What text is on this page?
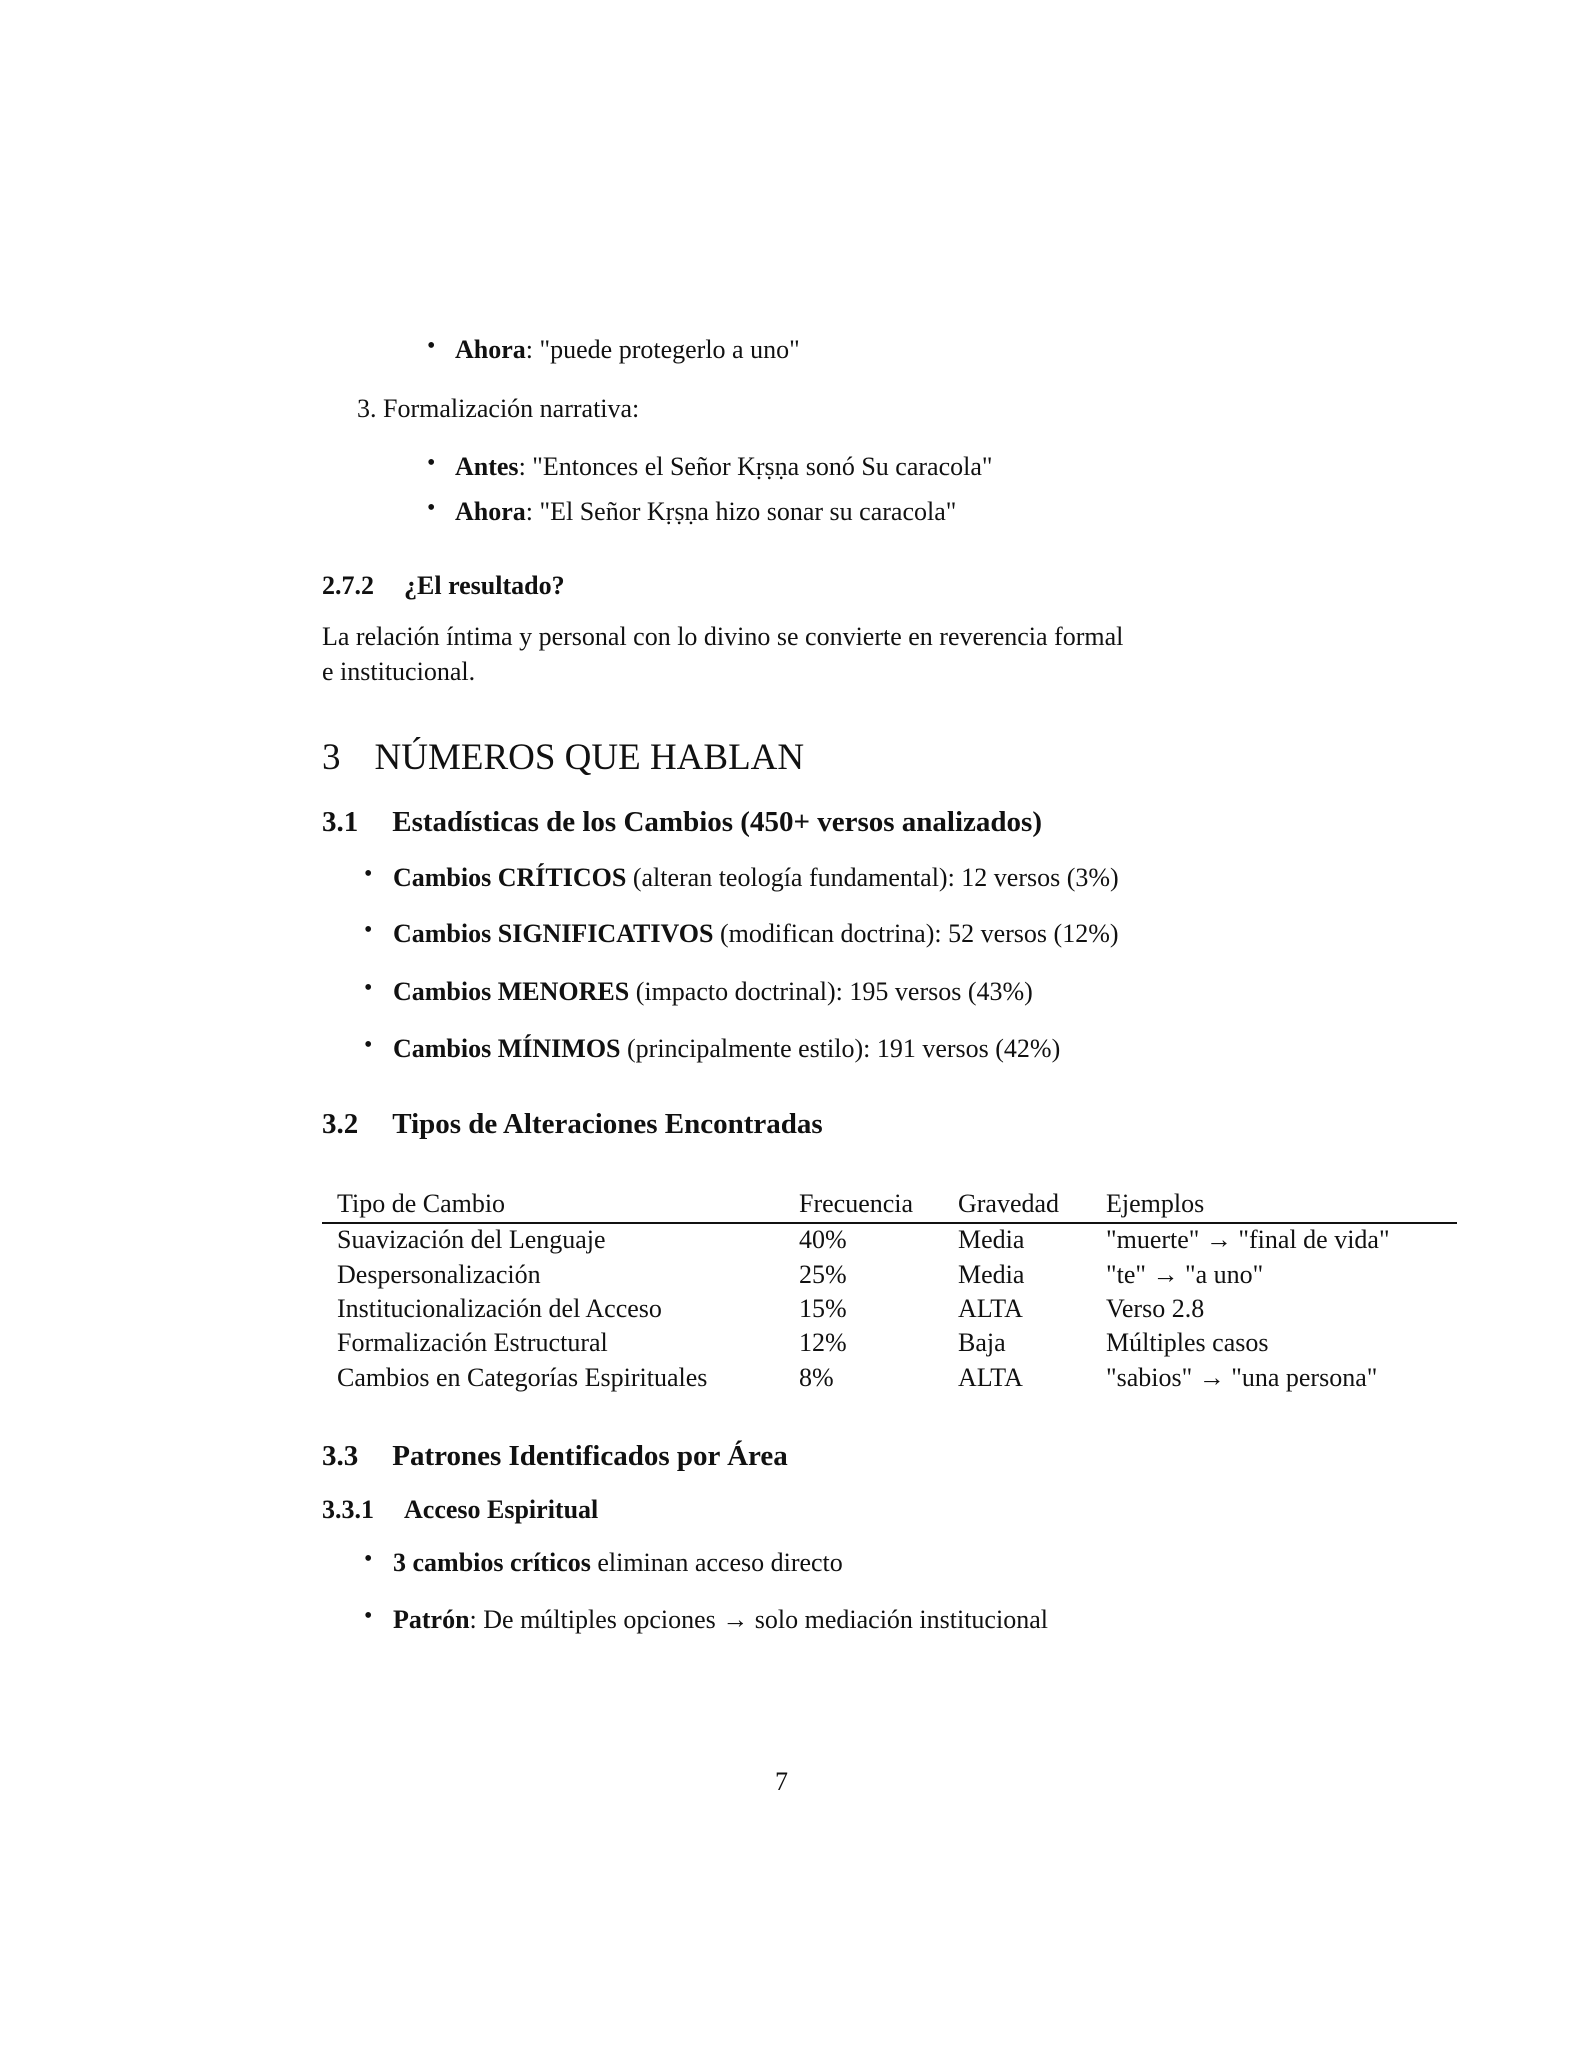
• Ahora: "puede protegerlo a uno"
3. Formalización narrativa:
• Antes: "Entonces el Señor Kṛṣṇa sonó Su caracola"
• Ahora: "El Señor Kṛṣṇa hizo sonar su caracola"
2.7.2 ¿El resultado?
La relación íntima y personal con lo divino se convierte en reverencia formal
e institucional.
3 NÚMEROS QUE HABLAN
3.1 Estadísticas de los Cambios (450+ versos analizados)
• Cambios CRÍTICOS (alteran teología fundamental): 12 versos (3%)
• Cambios SIGNIFICATIVOS (modifican doctrina): 52 versos (12%)
• Cambios MENORES (impacto doctrinal): 195 versos (43%)
• Cambios MÍNIMOS (principalmente estilo): 191 versos (42%)
3.2 Tipos de Alteraciones Encontradas
Tipo de Cambio	Frecuencia Gravedad Ejemplos
Suavización del Lenguaje	40%	Media	"muerte" → "final de vida"
Despersonalización	25%	Media	"te" → "a uno"
Institucionalización del Acceso	15%	ALTA	Verso 2.8
Formalización Estructural	12%	Baja	Múltiples casos
Cambios en Categorías Espirituales	8%	ALTA	"sabios" → "una persona"
3.3 Patrones Identificados por Área
3.3.1 Acceso Espiritual
• 3 cambios críticos eliminan acceso directo
• Patrón: De múltiples opciones → solo mediación institucional
7
